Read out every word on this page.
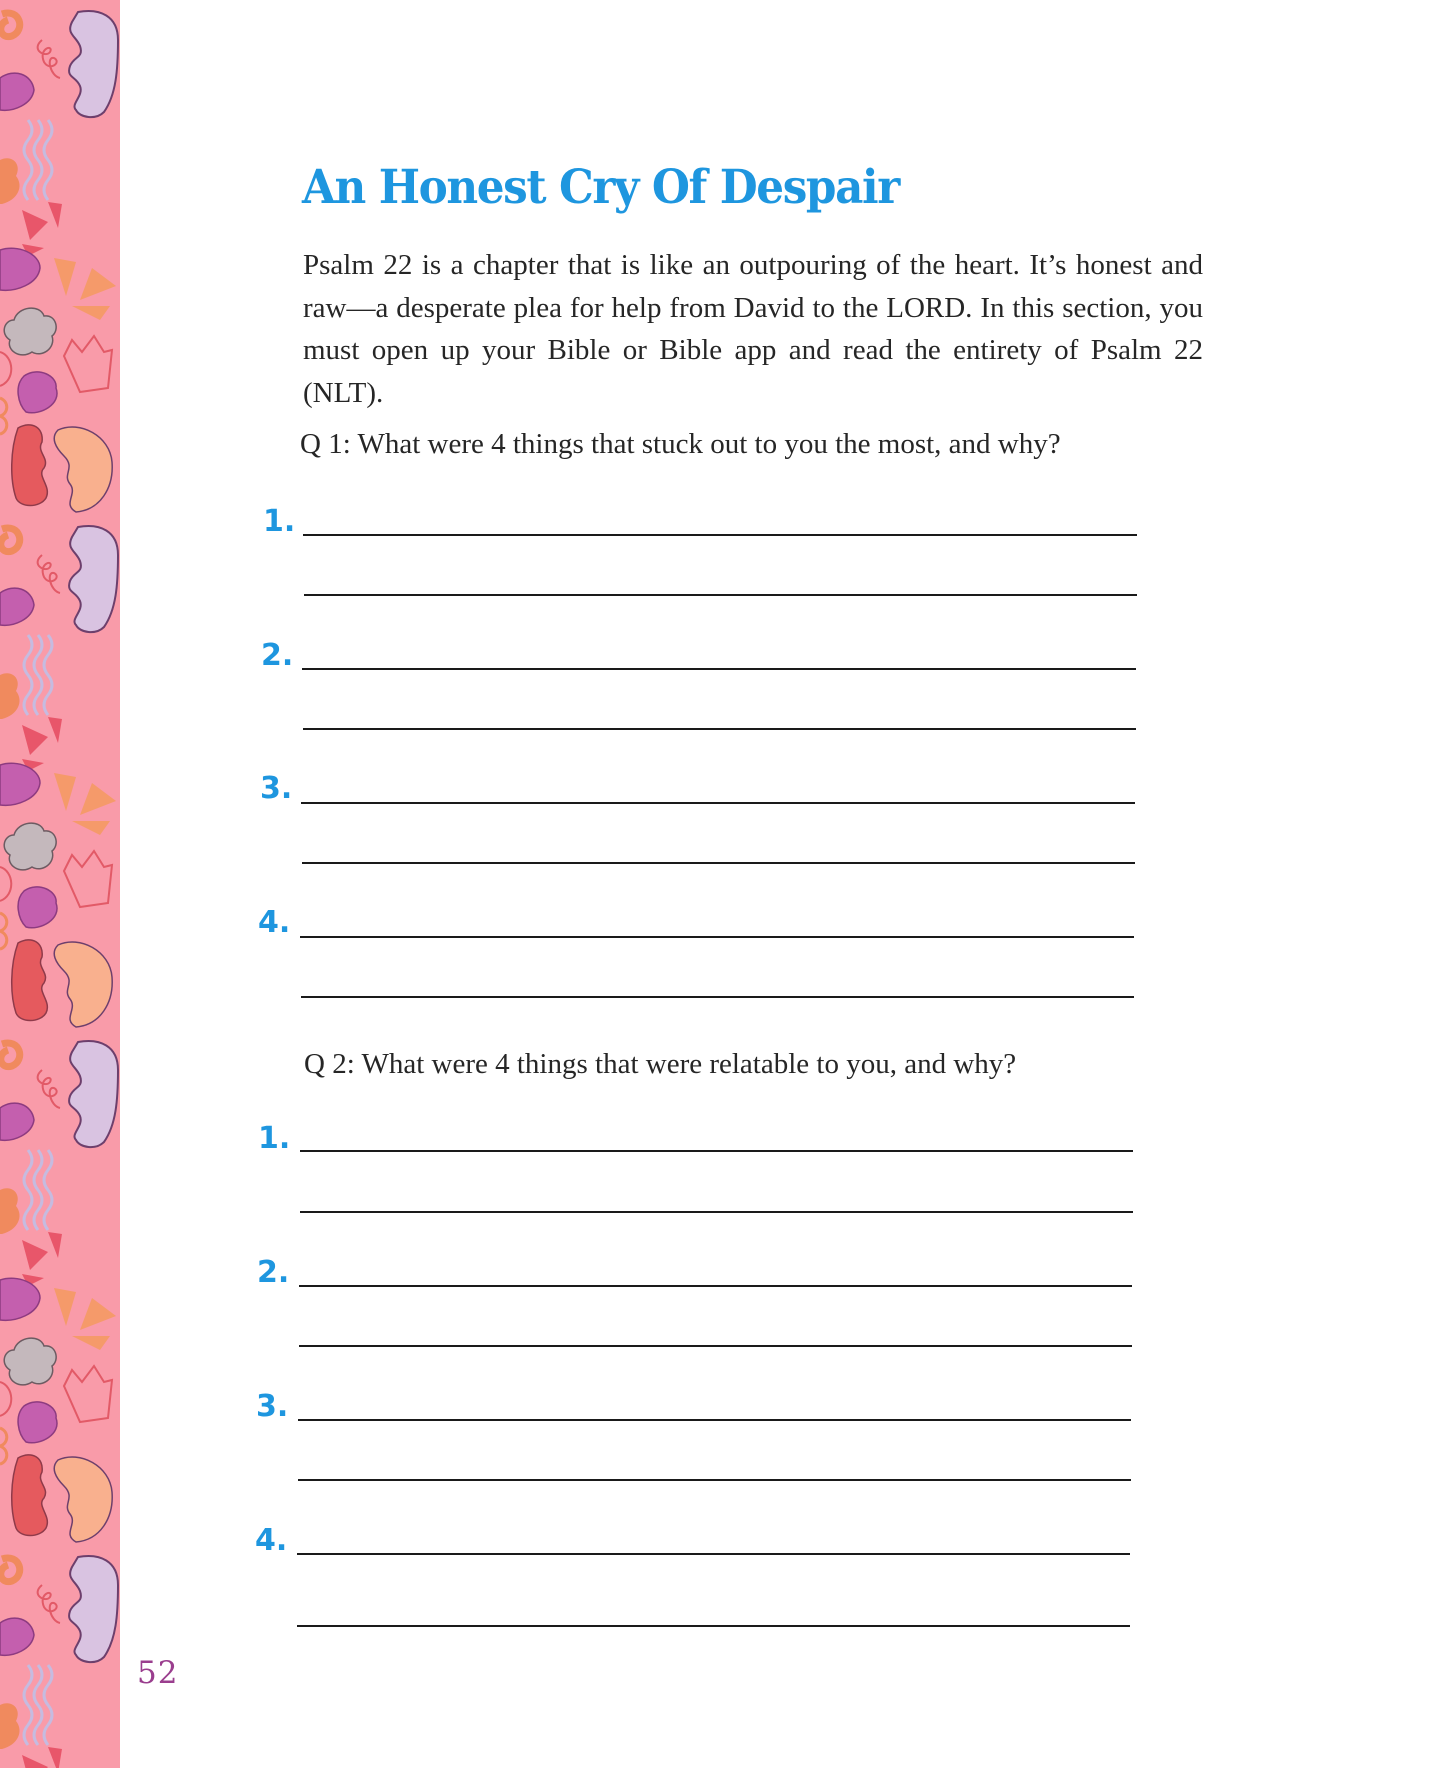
52
An Honest Cry Of Despair

Psalm 22 is a chapter that is like an outpouring of the heart. It’s honest and raw—a desperate plea for help from David to the LORD. In this section, you must open up your Bible or Bible app and read the entirety of Psalm 22 (NLT).

Q 1: What were 4 things that stuck out to you the most, and why?

1.
2.
3.
4.

Q 2: What were 4 things that were relatable to you, and why?

1.
2.
3.
4.
